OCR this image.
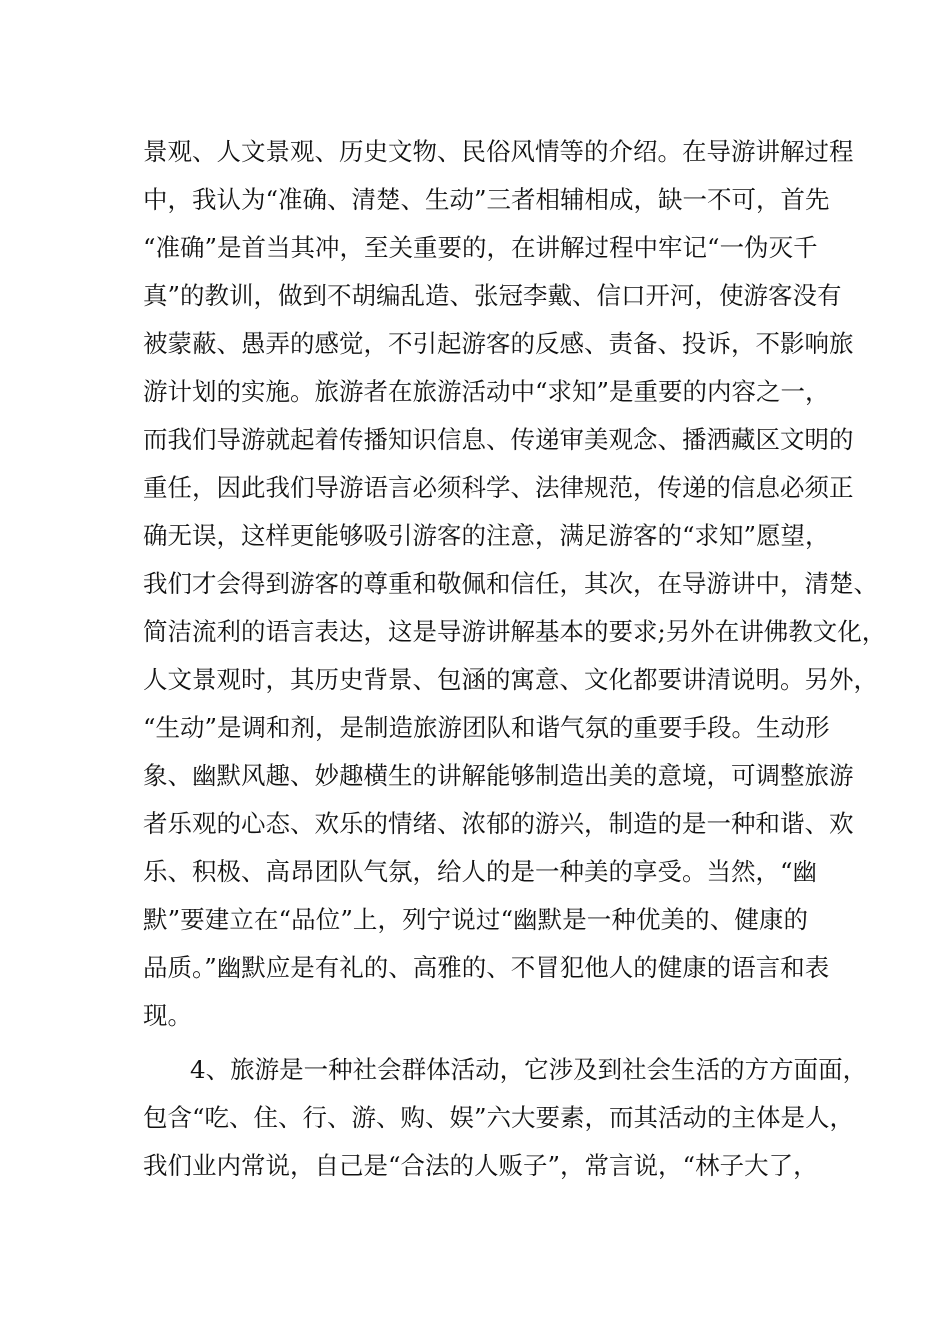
景观、人文景观、历史文物、民俗风情等的介绍。在导游讲解过程
中，我认为“准确、清楚、生动”三者相辅相成，缺一不可，首先
“准确”是首当其冲，至关重要的，在讲解过程中牢记“一伪灭千
真”的教训，做到不胡编乱造、张冠李戴、信口开河，使游客没有
被蒙蔽、愚弄的感觉，不引起游客的反感、责备、投诉，不影响旅
游计划的实施。旅游者在旅游活动中“求知”是重要的内容之一，
而我们导游就起着传播知识信息、传递审美观念、播洒藏区文明的
重任，因此我们导游语言必须科学、法律规范，传递的信息必须正
确无误，这样更能够吸引游客的注意，满足游客的“求知”愿望，
我们才会得到游客的尊重和敬佩和信任，其次，在导游讲中，清楚、
简洁流利的语言表达，这是导游讲解基本的要求;另外在讲佛教文化，
人文景观时，其历史背景、包涵的寓意、文化都要讲清说明。另外，
“生动”是调和剂，是制造旅游团队和谐气氛的重要手段。生动形
象、幽默风趣、妙趣横生的讲解能够制造出美的意境，可调整旅游
者乐观的心态、欢乐的情绪、浓郁的游兴，制造的是一种和谐、欢
乐、积极、高昂团队气氛，给人的是一种美的享受。当然，“幽
默”要建立在“品位”上，列宁说过“幽默是一种优美的、健康的
品质。”幽默应是有礼的、高雅的、不冒犯他人的健康的语言和表
现。
4、旅游是一种社会群体活动，它涉及到社会生活的方方面面，
包含“吃、住、行、游、购、娱”六大要素，而其活动的主体是人，
我们业内常说，自己是“合法的人贩子”，常言说，“林子大了，
